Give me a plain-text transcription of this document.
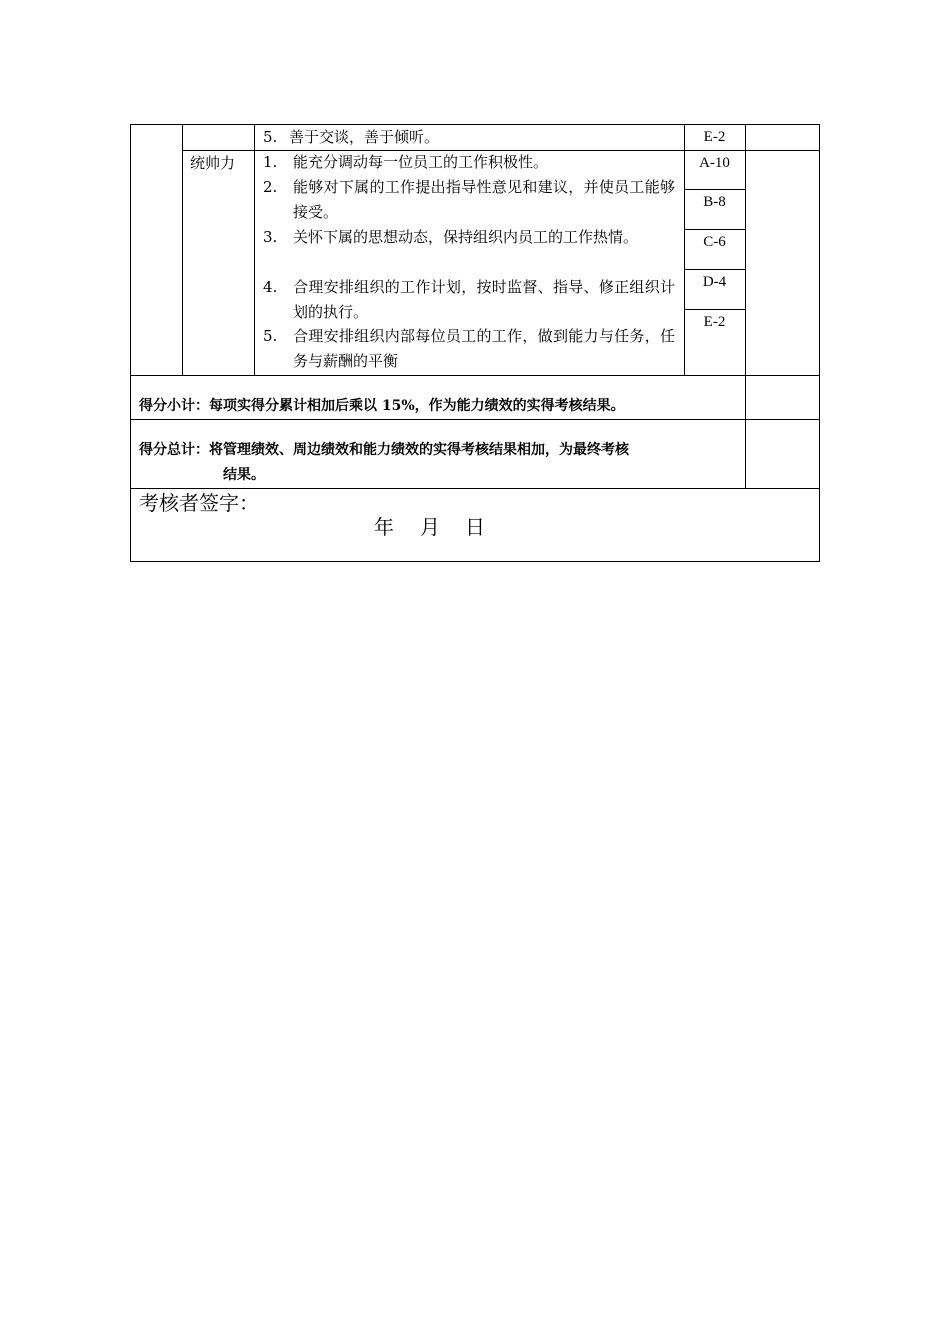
5. 善于交谈，善于倾听。	E-2
统帅力 1. 能充分调动每一位员工的工作积极性。
2. 能够对下属的工作提出指导性意见和建议，并使员工能够接受。
3. 关怀下属的思想动态，保持组织内员工的工作热情。
4. 合理安排组织的工作计划，按时监督、指导、修正组织计划的执行。
5. 合理安排组织内部每位员工的工作，做到能力与任务，任务与薪酬的平衡
A-10
B-8
C-6
D-4
E-2
得分小计：每项实得分累计相加后乘以 15%，作为能力绩效的实得考核结果。
得分总计：将管理绩效、周边绩效和能力绩效的实得考核结果相加，为最终考核
结果。
考核者签字：
年 月 日
